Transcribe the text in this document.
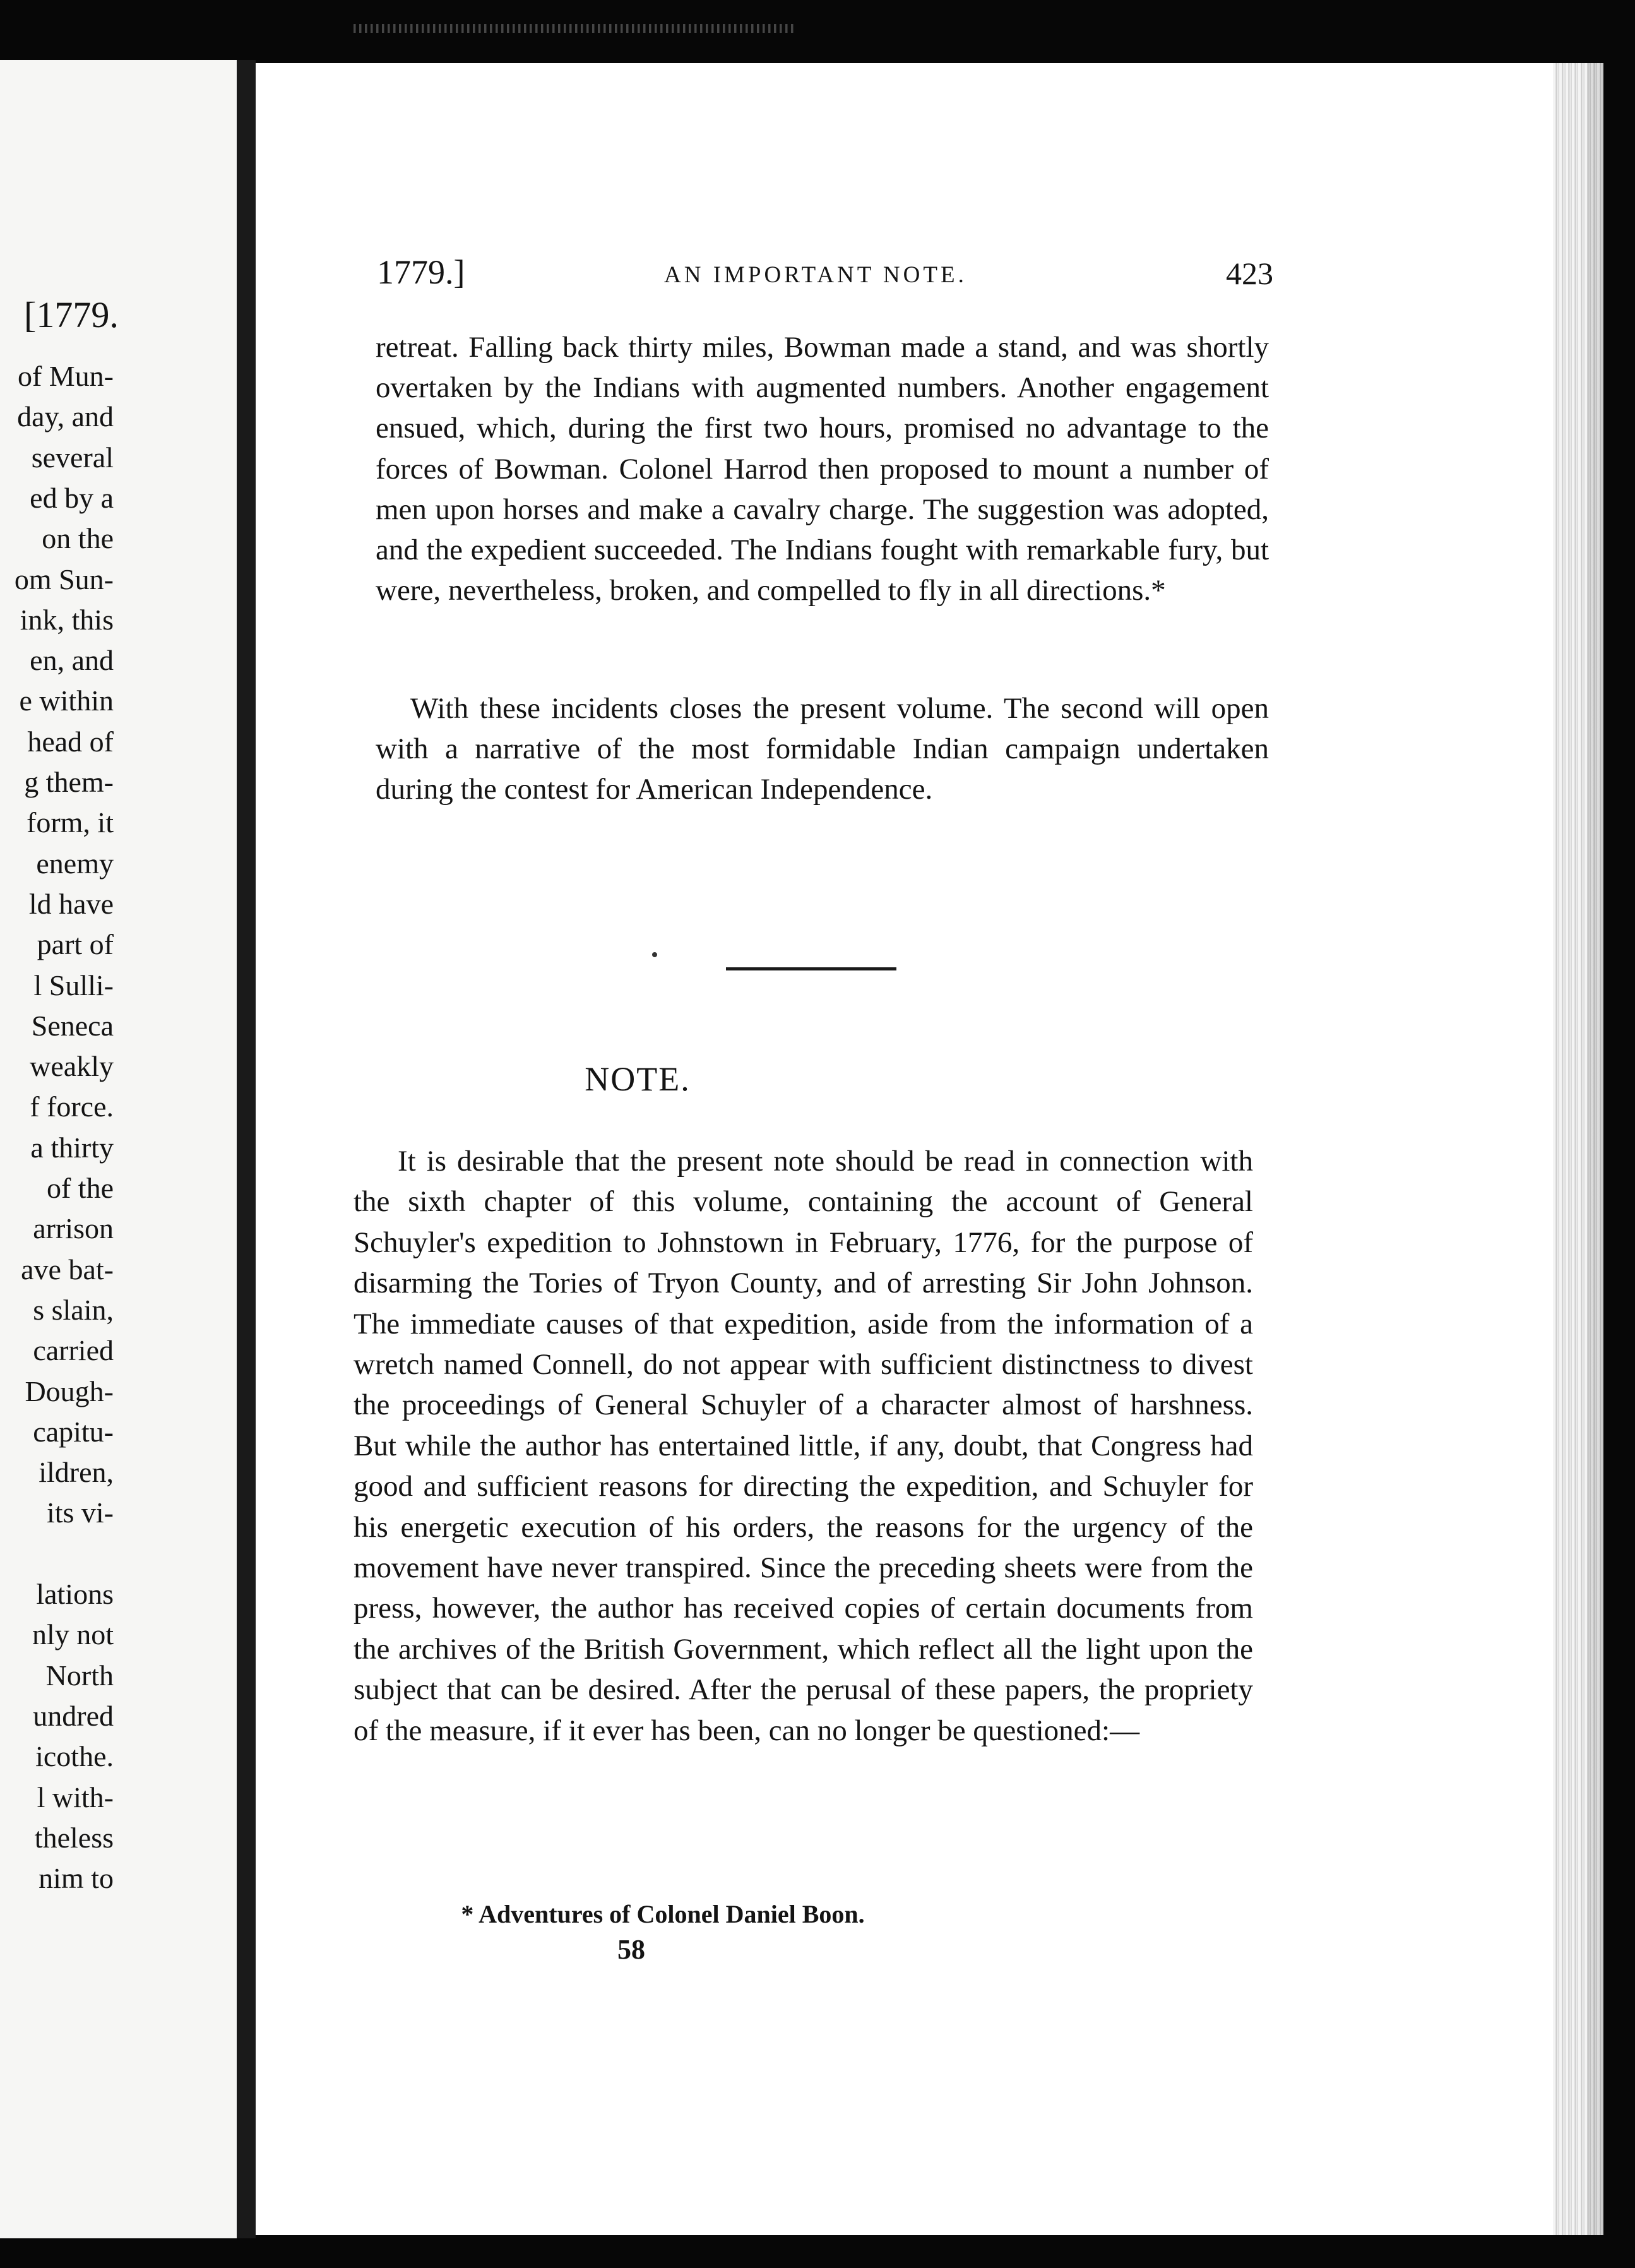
[1779.
of Mun-
day, and
several
ed by a
on the
om Sun-
ink, this
en, and
e within
head of
g them-
form, it
enemy
ld have
part of
l Sulli-
Seneca
weakly
f force.
a thirty
of the
arrison
ave bat-
s slain,
carried
Dough-
capitu-
ildren,
its vi-
lations
nly not
North
undred
icothe.
l with-
theless
nim to
1779.]	AN IMPORTANT NOTE.	423

retreat. Falling back thirty miles, Bowman made a stand, and was shortly overtaken by the Indians with augmented numbers. Another engagement ensued, which, during the first two hours, promised no advantage to the forces of Bowman. Colonel Harrod then proposed to mount a number of men upon horses and make a cavalry charge. The suggestion was adopted, and the expedient succeeded. The Indians fought with remarkable fury, but were, nevertheless, broken, and compelled to fly in all directions.*

With these incidents closes the present volume. The second will open with a narrative of the most formidable Indian campaign undertaken during the contest for American Independence.

NOTE.

It is desirable that the present note should be read in connection with the sixth chapter of this volume, containing the account of General Schuyler's expedition to Johnstown in February, 1776, for the purpose of disarming the Tories of Tryon County, and of arresting Sir John Johnson. The immediate causes of that expedition, aside from the information of a wretch named Connell, do not appear with sufficient distinctness to divest the proceedings of General Schuyler of a character almost of harshness. But while the author has entertained little, if any, doubt, that Congress had good and sufficient reasons for directing the expedition, and Schuyler for his energetic execution of his orders, the reasons for the urgency of the movement have never transpired. Since the preceding sheets were from the press, however, the author has received copies of certain documents from the archives of the British Government, which reflect all the light upon the subject that can be desired. After the perusal of these papers, the propriety of the measure, if it ever has been, can no longer be questioned:—

* Adventures of Colonel Daniel Boon.
58
